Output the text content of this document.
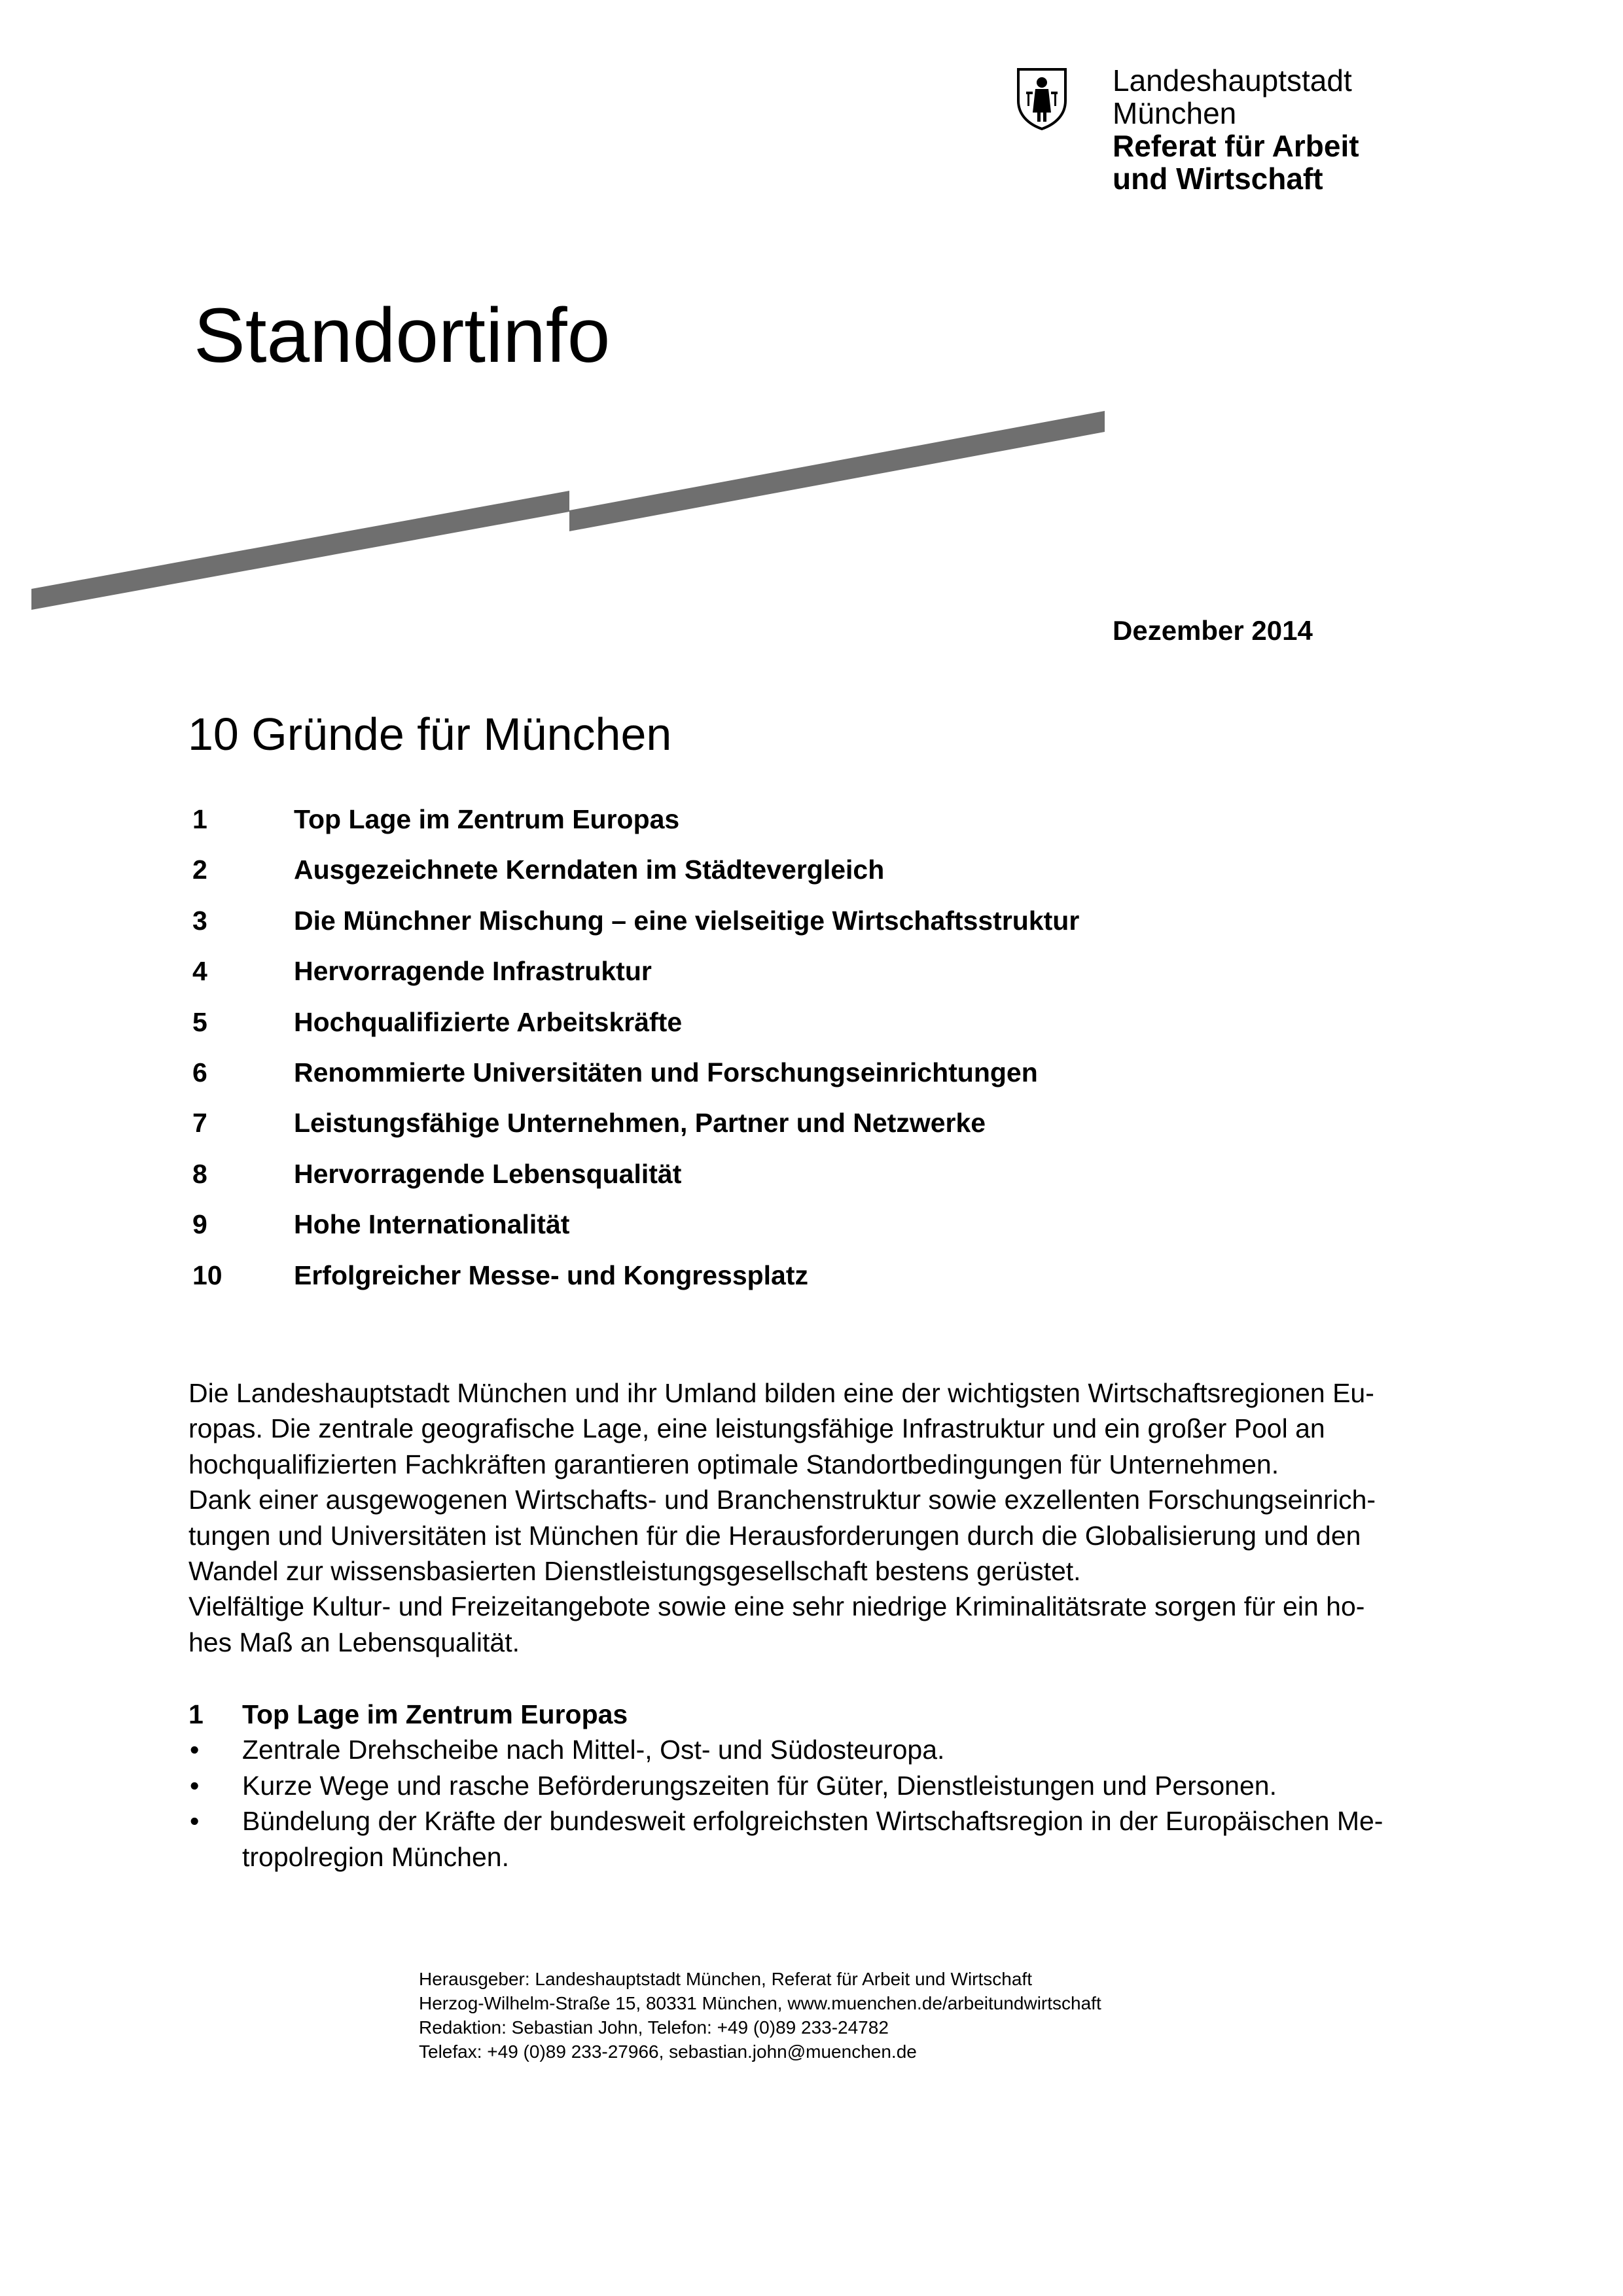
Landeshauptstadt
München
Referat für Arbeit
und Wirtschaft
Standortinfo
Dezember 2014
10 Gründe für München
1	Top Lage im Zentrum Europas
2	Ausgezeichnete Kerndaten im Städtevergleich
3	Die Münchner Mischung – eine vielseitige Wirtschaftsstruktur
4	Hervorragende Infrastruktur
5	Hochqualifizierte Arbeitskräfte
6	Renommierte Universitäten und Forschungseinrichtungen
7	Leistungsfähige Unternehmen, Partner und Netzwerke
8	Hervorragende Lebensqualität
9	Hohe Internationalität
10	Erfolgreicher Messe- und Kongressplatz

Die Landeshauptstadt München und ihr Umland bilden eine der wichtigsten Wirtschaftsregionen Eu-

ropas. Die zentrale geografische Lage, eine leistungsfähige Infrastruktur und ein großer Pool an

hochqualifizierten Fachkräften garantieren optimale Standortbedingungen für Unternehmen.

Dank einer ausgewogenen Wirtschafts- und Branchenstruktur sowie exzellenten Forschungseinrich-

tungen und Universitäten ist München für die Herausforderungen durch die Globalisierung und den

Wandel zur wissensbasierten Dienstleistungsgesellschaft bestens gerüstet.

Vielfältige Kultur- und Freizeitangebote sowie eine sehr niedrige Kriminalitätsrate sorgen für ein ho-

hes Maß an Lebensqualität.

1	Top Lage im Zentrum Europas
•	Zentrale Drehscheibe nach Mittel-, Ost- und Südosteuropa.
•	Kurze Wege und rasche Beförderungszeiten für Güter, Dienstleistungen und Personen.
•	Bündelung der Kräfte der bundesweit erfolgreichsten Wirtschaftsregion in der Europäischen Me- tropolregion München.
Herausgeber: Landeshauptstadt München, Referat für Arbeit und Wirtschaft
Herzog-Wilhelm-Straße 15, 80331 München, www.muenchen.de/arbeitundwirtschaft
Redaktion: Sebastian John, Telefon: +49 (0)89 233-24782
Telefax: +49 (0)89 233-27966, sebastian.john@muenchen.de
